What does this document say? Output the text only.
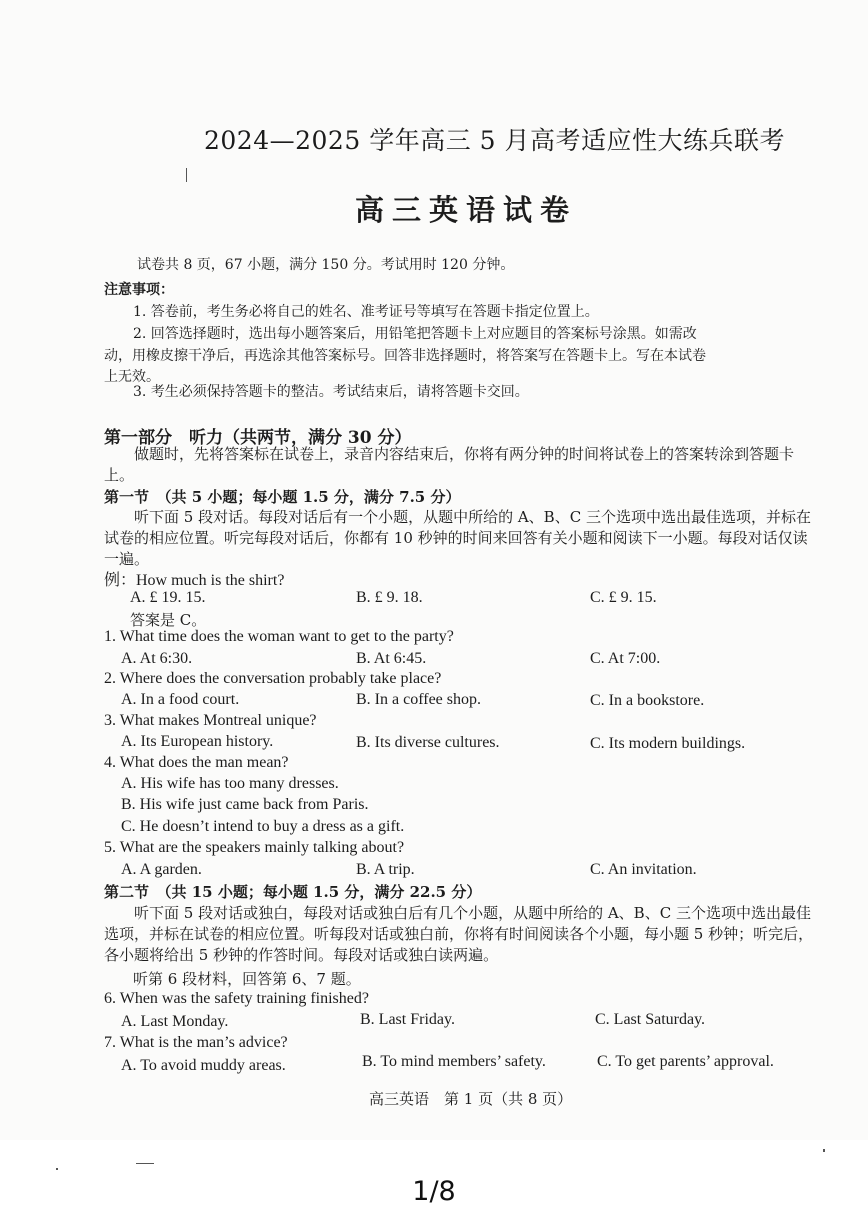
2024—2025 学年高三 5 月高考适应性大练兵联考
高三英语试卷
试卷共 8 页，67 小题，满分 150 分。考试用时 120 分钟。
注意事项：
1. 答卷前，考生务必将自己的姓名、准考证号等填写在答题卡指定位置上。
2. 回答选择题时，选出每小题答案后，用铅笔把答题卡上对应题目的答案标号涂黑。如需改
动，用橡皮擦干净后，再选涂其他答案标号。回答非选择题时，将答案写在答题卡上。写在本试卷
上无效。
3. 考生必须保持答题卡的整洁。考试结束后，请将答题卡交回。
第一部分　听力（共两节，满分 30 分）
做题时，先将答案标在试卷上，录音内容结束后，你将有两分钟的时间将试卷上的答案转涂到答题卡上。
第一节　（共 5 小题；每小题 1.5 分，满分 7.5 分）
听下面 5 段对话。每段对话后有一个小题，从题中所给的 A、B、C 三个选项中选出最佳选项，并标在试卷的相应位置。听完每段对话后，你都有 10 秒钟的时间来回答有关小题和阅读下一小题。每段对话仅读一遍。
例：How much is the shirt?
A. £ 19. 15.	B. £ 9. 18.	C. £ 9. 15.
答案是 C。
1. What time does the woman want to get to the party?
A. At 6:30.	B. At 6:45.	C. At 7:00.
2. Where does the conversation probably take place?
A. In a food court.	B. In a coffee shop.	C. In a bookstore.
3. What makes Montreal unique?
A. Its European history.	B. Its diverse cultures.	C. Its modern buildings.
4. What does the man mean?
A. His wife has too many dresses.
B. His wife just came back from Paris.
C. He doesn’t intend to buy a dress as a gift.
5. What are the speakers mainly talking about?
A. A garden.	B. A trip.	C. An invitation.
第二节　（共 15 小题；每小题 1.5 分，满分 22.5 分）
听下面 5 段对话或独白，每段对话或独白后有几个小题，从题中所给的 A、B、C 三个选项中选出最佳选项，并标在试卷的相应位置。听每段对话或独白前，你将有时间阅读各个小题，每小题 5 秒钟；听完后，各小题将给出 5 秒钟的作答时间。每段对话或独白读两遍。
听第 6 段材料，回答第 6、7 题。
6. When was the safety training finished?
A. Last Monday.	B. Last Friday.	C. Last Saturday.
7. What is the man’s advice?
A. To avoid muddy areas.	B. To mind members’ safety.	C. To get parents’ approval.
高三英语　第 1 页（共 8 页）
1/8
